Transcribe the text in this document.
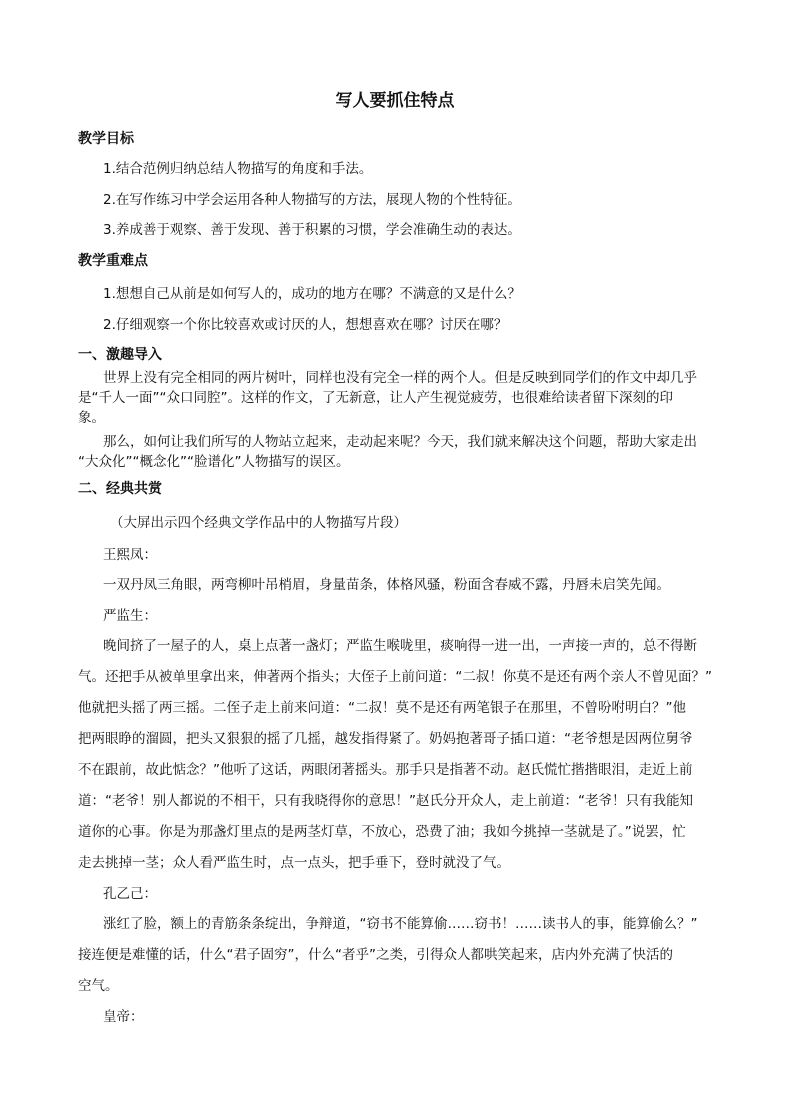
写人要抓住特点
教学目标
1.结合范例归纳总结人物描写的角度和手法。
2.在写作练习中学会运用各种人物描写的方法，展现人物的个性特征。
3.养成善于观察、善于发现、善于积累的习惯，学会准确生动的表达。
教学重难点
1.想想自己从前是如何写人的，成功的地方在哪？不满意的又是什么？
2.仔细观察一个你比较喜欢或讨厌的人，想想喜欢在哪？讨厌在哪？
一、激趣导入
世界上没有完全相同的两片树叶，同样也没有完全一样的两个人。但是反映到同学们的作文中却几乎
是“千人一面”“众口同腔”。这样的作文，了无新意，让人产生视觉疲劳，也很难给读者留下深刻的印
象。
那么，如何让我们所写的人物站立起来，走动起来呢？今天，我们就来解决这个问题，帮助大家走出
“大众化”“概念化”“脸谱化”人物描写的误区。
二、经典共赏
（大屏出示四个经典文学作品中的人物描写片段）
王熙凤：
一双丹凤三角眼，两弯柳叶吊梢眉，身量苗条，体格风骚，粉面含春威不露，丹唇未启笑先闻。
严监生：
晚间挤了一屋子的人，桌上点著一盏灯；严监生喉咙里，痰响得一进一出，一声接一声的，总不得断
气。还把手从被单里拿出来，伸著两个指头；大侄子上前问道：“二叔！你莫不是还有两个亲人不曾见面？”
他就把头摇了两三摇。二侄子走上前来问道：“二叔！莫不是还有两笔银子在那里，不曾吩咐明白？”他
把两眼睁的溜圆，把头又狠狠的摇了几摇，越发指得紧了。奶妈抱著哥子插口道：“老爷想是因两位舅爷
不在跟前，故此惦念？”他听了这话，两眼闭著摇头。那手只是指著不动。赵氏慌忙揩揩眼泪，走近上前
道：“老爷！别人都说的不相干，只有我晓得你的意思！”赵氏分开众人，走上前道：“老爷！只有我能知
道你的心事。你是为那盏灯里点的是两茎灯草，不放心，恐费了油；我如今挑掉一茎就是了。”说罢，忙
走去挑掉一茎；众人看严监生时，点一点头，把手垂下，登时就没了气。
孔乙己：
涨红了脸，额上的青筋条条绽出，争辩道，“窃书不能算偷……窃书！……读书人的事，能算偷么？”
接连便是难懂的话，什么“君子固穷”，什么“者乎”之类，引得众人都哄笑起来，店内外充满了快活的
空气。
皇帝：
